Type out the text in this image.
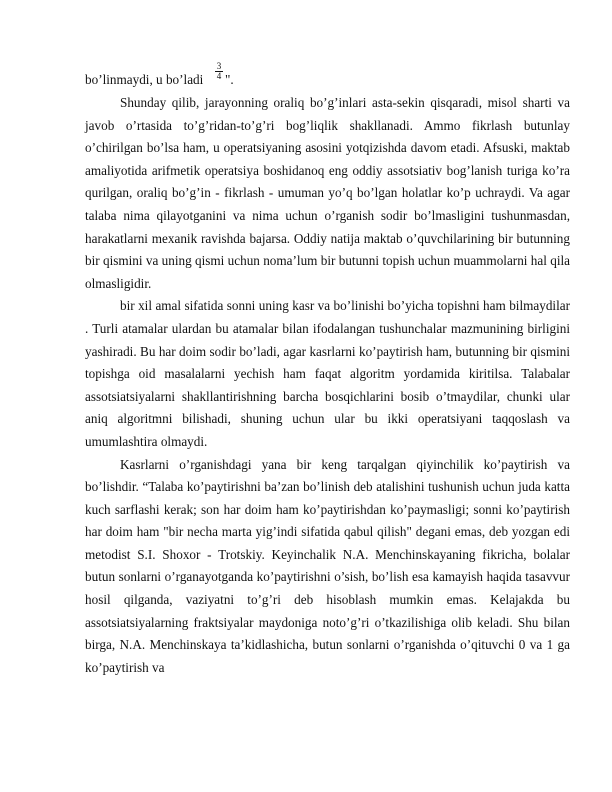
bo’linmaydi, u bo’ladi $\frac{3}{4}$ ".

Shunday qilib, jarayonning oraliq bo’g’inlari asta-sekin qisqaradi, misol sharti va javob o’rtasida to’g’ridan-to’g’ri bog’liqlik shakllanadi. Ammo fikrlash butunlay o’chirilgan bo’lsa ham, u operatsiyaning asosini yotqizishda davom etadi. Afsuski, maktab amaliyotida arifmetik operatsiya boshidanoq eng oddiy assotsiativ bog’lanish turiga ko’ra qurilgan, oraliq bo’g’in - fikrlash - umuman yo’q bo’lgan holatlar ko’p uchraydi. Va agar talaba nima qilayotganini va nima uchun o’rganish sodir bo’lmasligini tushunmasdan, harakatlarni mexanik ravishda bajarsa. Oddiy natija maktab o’quvchilarining bir butunning bir qismini va uning qismi uchun noma’lum bir butunni topish uchun muammolarni hal qila olmasligidir.

bir xil amal sifatida sonni uning kasr va bo’linishi bo’yicha topishni ham bilmaydilar . Turli atamalar ulardan bu atamalar bilan ifodalangan tushunchalar mazmunining birligini yashiradi. Bu har doim sodir bo’ladi, agar kasrlarni ko’paytirish ham, butunning bir qismini topishga oid masalalarni yechish ham faqat algoritm yordamida kiritilsa. Talabalar assotsiatsiyalarni shakllantirishning barcha bosqichlarini bosib o’tmaydilar, chunki ular aniq algoritmni bilishadi, shuning uchun ular bu ikki operatsiyani taqqoslash va umumlashtira olmaydi.

Kasrlarni o’rganishdagi yana bir keng tarqalgan qiyinchilik ko’paytirish va bo’lishdir. “Talaba ko’paytirishni ba’zan bo’linish deb atalishini tushunish uchun juda katta kuch sarflashi kerak; son har doim ham ko’paytirishdan ko’paymasligi; sonni ko’paytirish har doim ham "bir necha marta yig’indi sifatida qabul qilish" degani emas, deb yozgan edi metodist S.I. Shoxor - Trotskiy. Keyinchalik N.A. Menchinskayaning fikricha, bolalar butun sonlarni o’rganayotganda ko’paytirishni o’sish, bo’lish esa kamayish haqida tasavvur hosil qilganda, vaziyatni to’g’ri deb hisoblash mumkin emas. Kelajakda bu assotsiatsiyalarning fraktsiyalar maydoniga noto’g’ri o’tkazilishiga olib keladi. Shu bilan birga, N.A. Menchinskaya ta’kidlashicha, butun sonlarni o’rganishda o’qituvchi 0 va 1 ga ko’paytirish va
